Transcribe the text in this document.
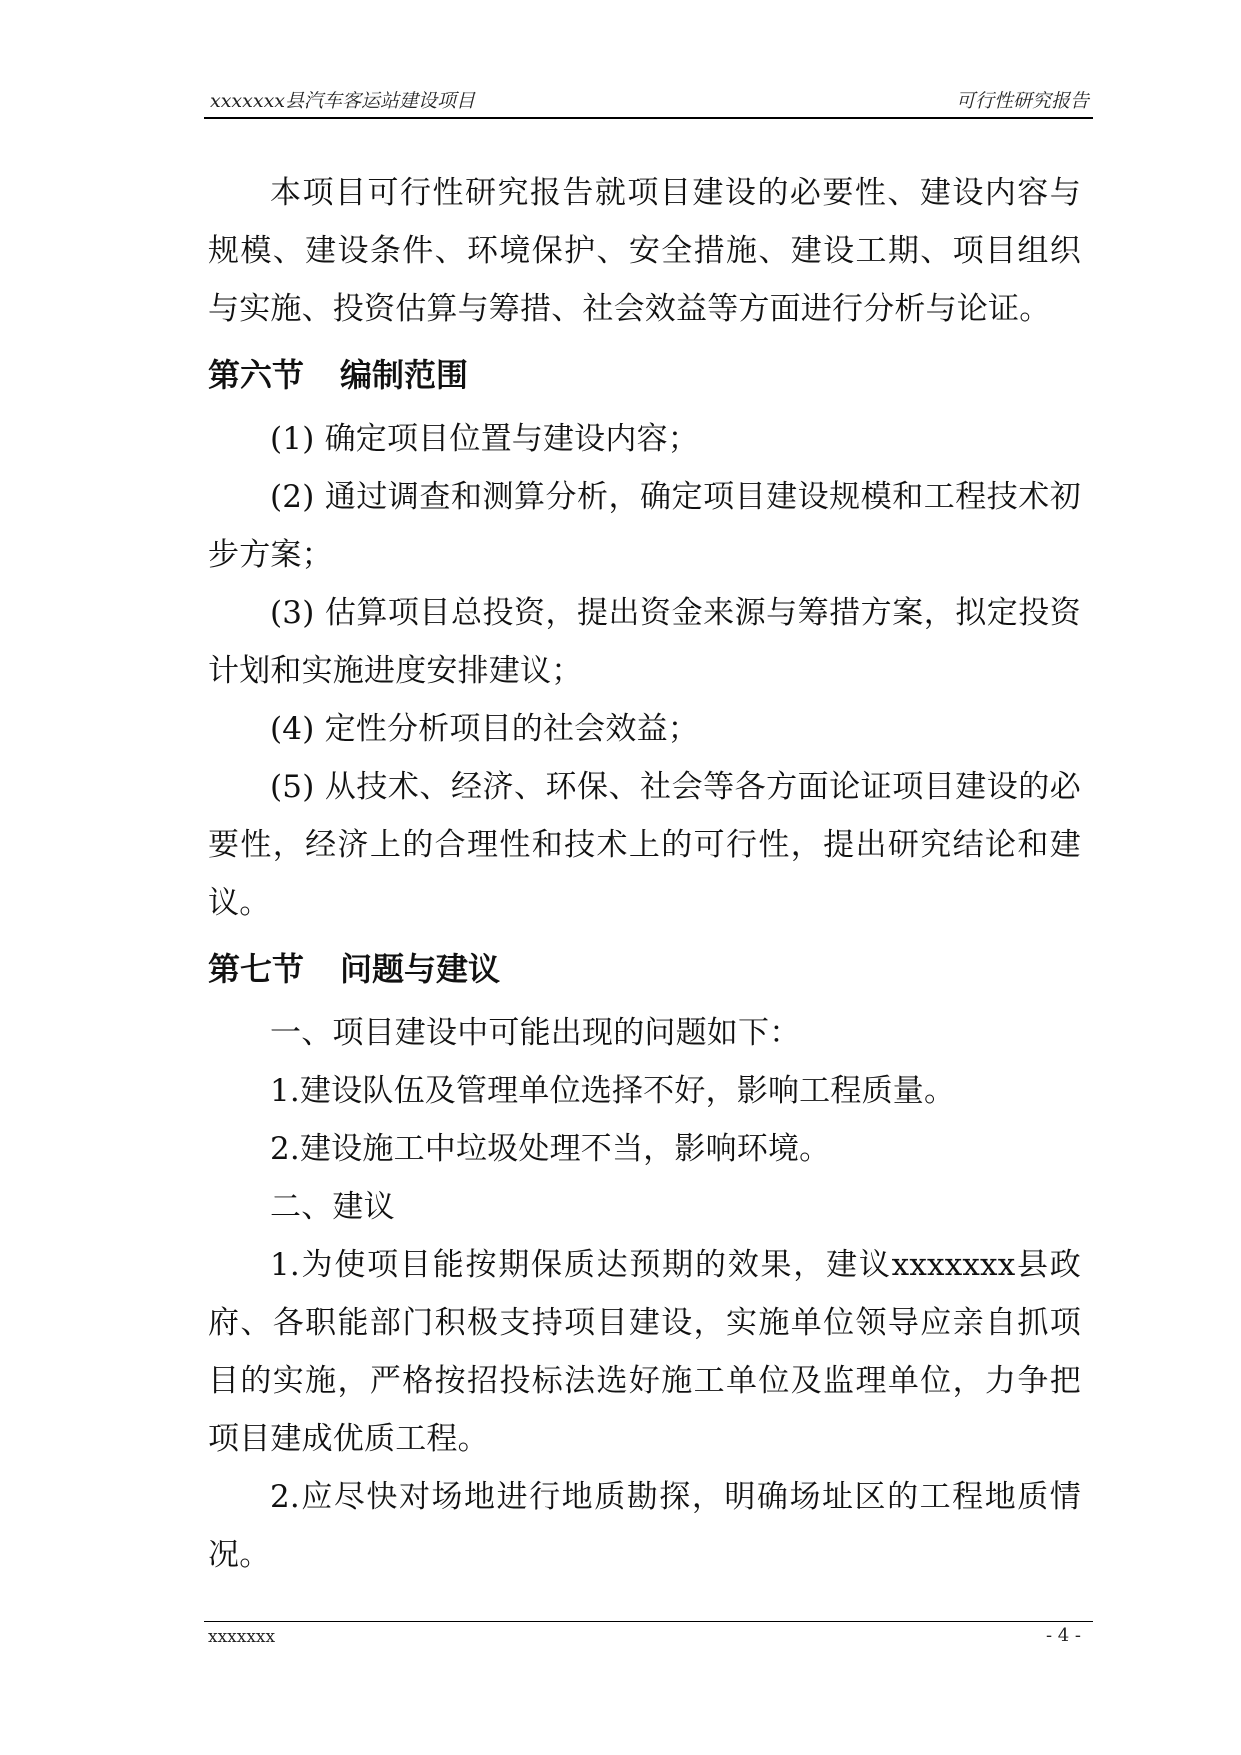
xxxxxxx县汽车客运站建设项目	可行性研究报告

本项目可行性研究报告就项目建设的必要性、建设内容与规模、建设条件、环境保护、安全措施、建设工期、项目组织与实施、投资估算与筹措、社会效益等方面进行分析与论证。

第六节 编制范围

(1) 确定项目位置与建设内容；

(2) 通过调查和测算分析，确定项目建设规模和工程技术初步方案；

(3) 估算项目总投资，提出资金来源与筹措方案，拟定投资计划和实施进度安排建议；

(4) 定性分析项目的社会效益；

(5) 从技术、经济、环保、社会等各方面论证项目建设的必要性，经济上的合理性和技术上的可行性，提出研究结论和建议。

第七节 问题与建议

一、项目建设中可能出现的问题如下：

1.建设队伍及管理单位选择不好，影响工程质量。

2.建设施工中垃圾处理不当，影响环境。

二、建议

1.为使项目能按期保质达预期的效果，建议xxxxxxx县政府、各职能部门积极支持项目建设，实施单位领导应亲自抓项目的实施，严格按招投标法选好施工单位及监理单位，力争把项目建成优质工程。

2.应尽快对场地进行地质勘探，明确场址区的工程地质情况。

xxxxxxx	- 4 -
